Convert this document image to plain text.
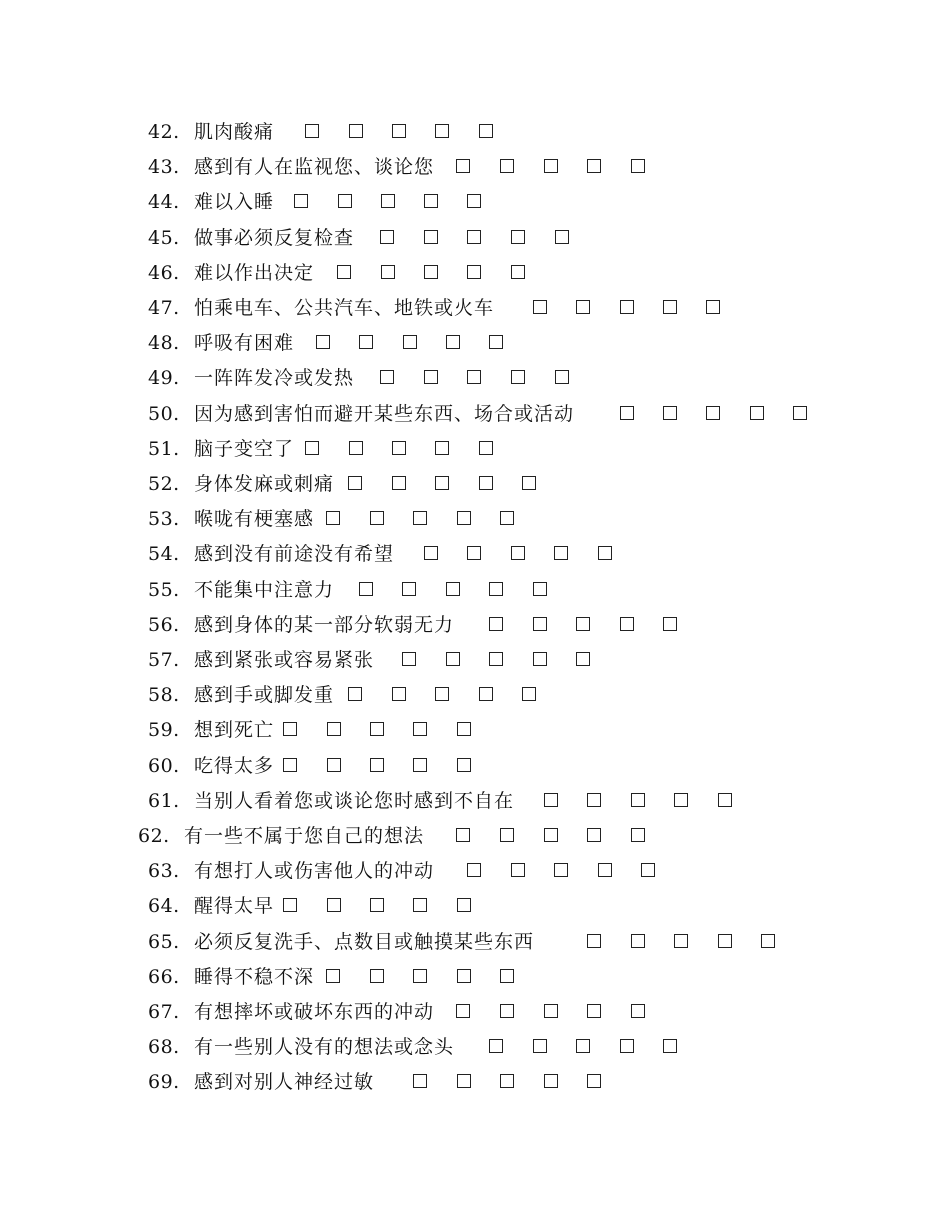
42. 肌肉酸痛
43. 感到有人在监视您、谈论您
44. 难以入睡
45. 做事必须反复检查
46. 难以作出决定
47. 怕乘电车、公共汽车、地铁或火车
48. 呼吸有困难
49. 一阵阵发冷或发热
50. 因为感到害怕而避开某些东西、场合或活动
51. 脑子变空了
52. 身体发麻或刺痛
53. 喉咙有梗塞感
54. 感到没有前途没有希望
55. 不能集中注意力
56. 感到身体的某一部分软弱无力
57. 感到紧张或容易紧张
58. 感到手或脚发重
59. 想到死亡
60. 吃得太多
61. 当别人看着您或谈论您时感到不自在
62. 有一些不属于您自己的想法
63. 有想打人或伤害他人的冲动
64. 醒得太早
65. 必须反复洗手、点数目或触摸某些东西
66. 睡得不稳不深
67. 有想摔坏或破坏东西的冲动
68. 有一些别人没有的想法或念头
69. 感到对别人神经过敏
